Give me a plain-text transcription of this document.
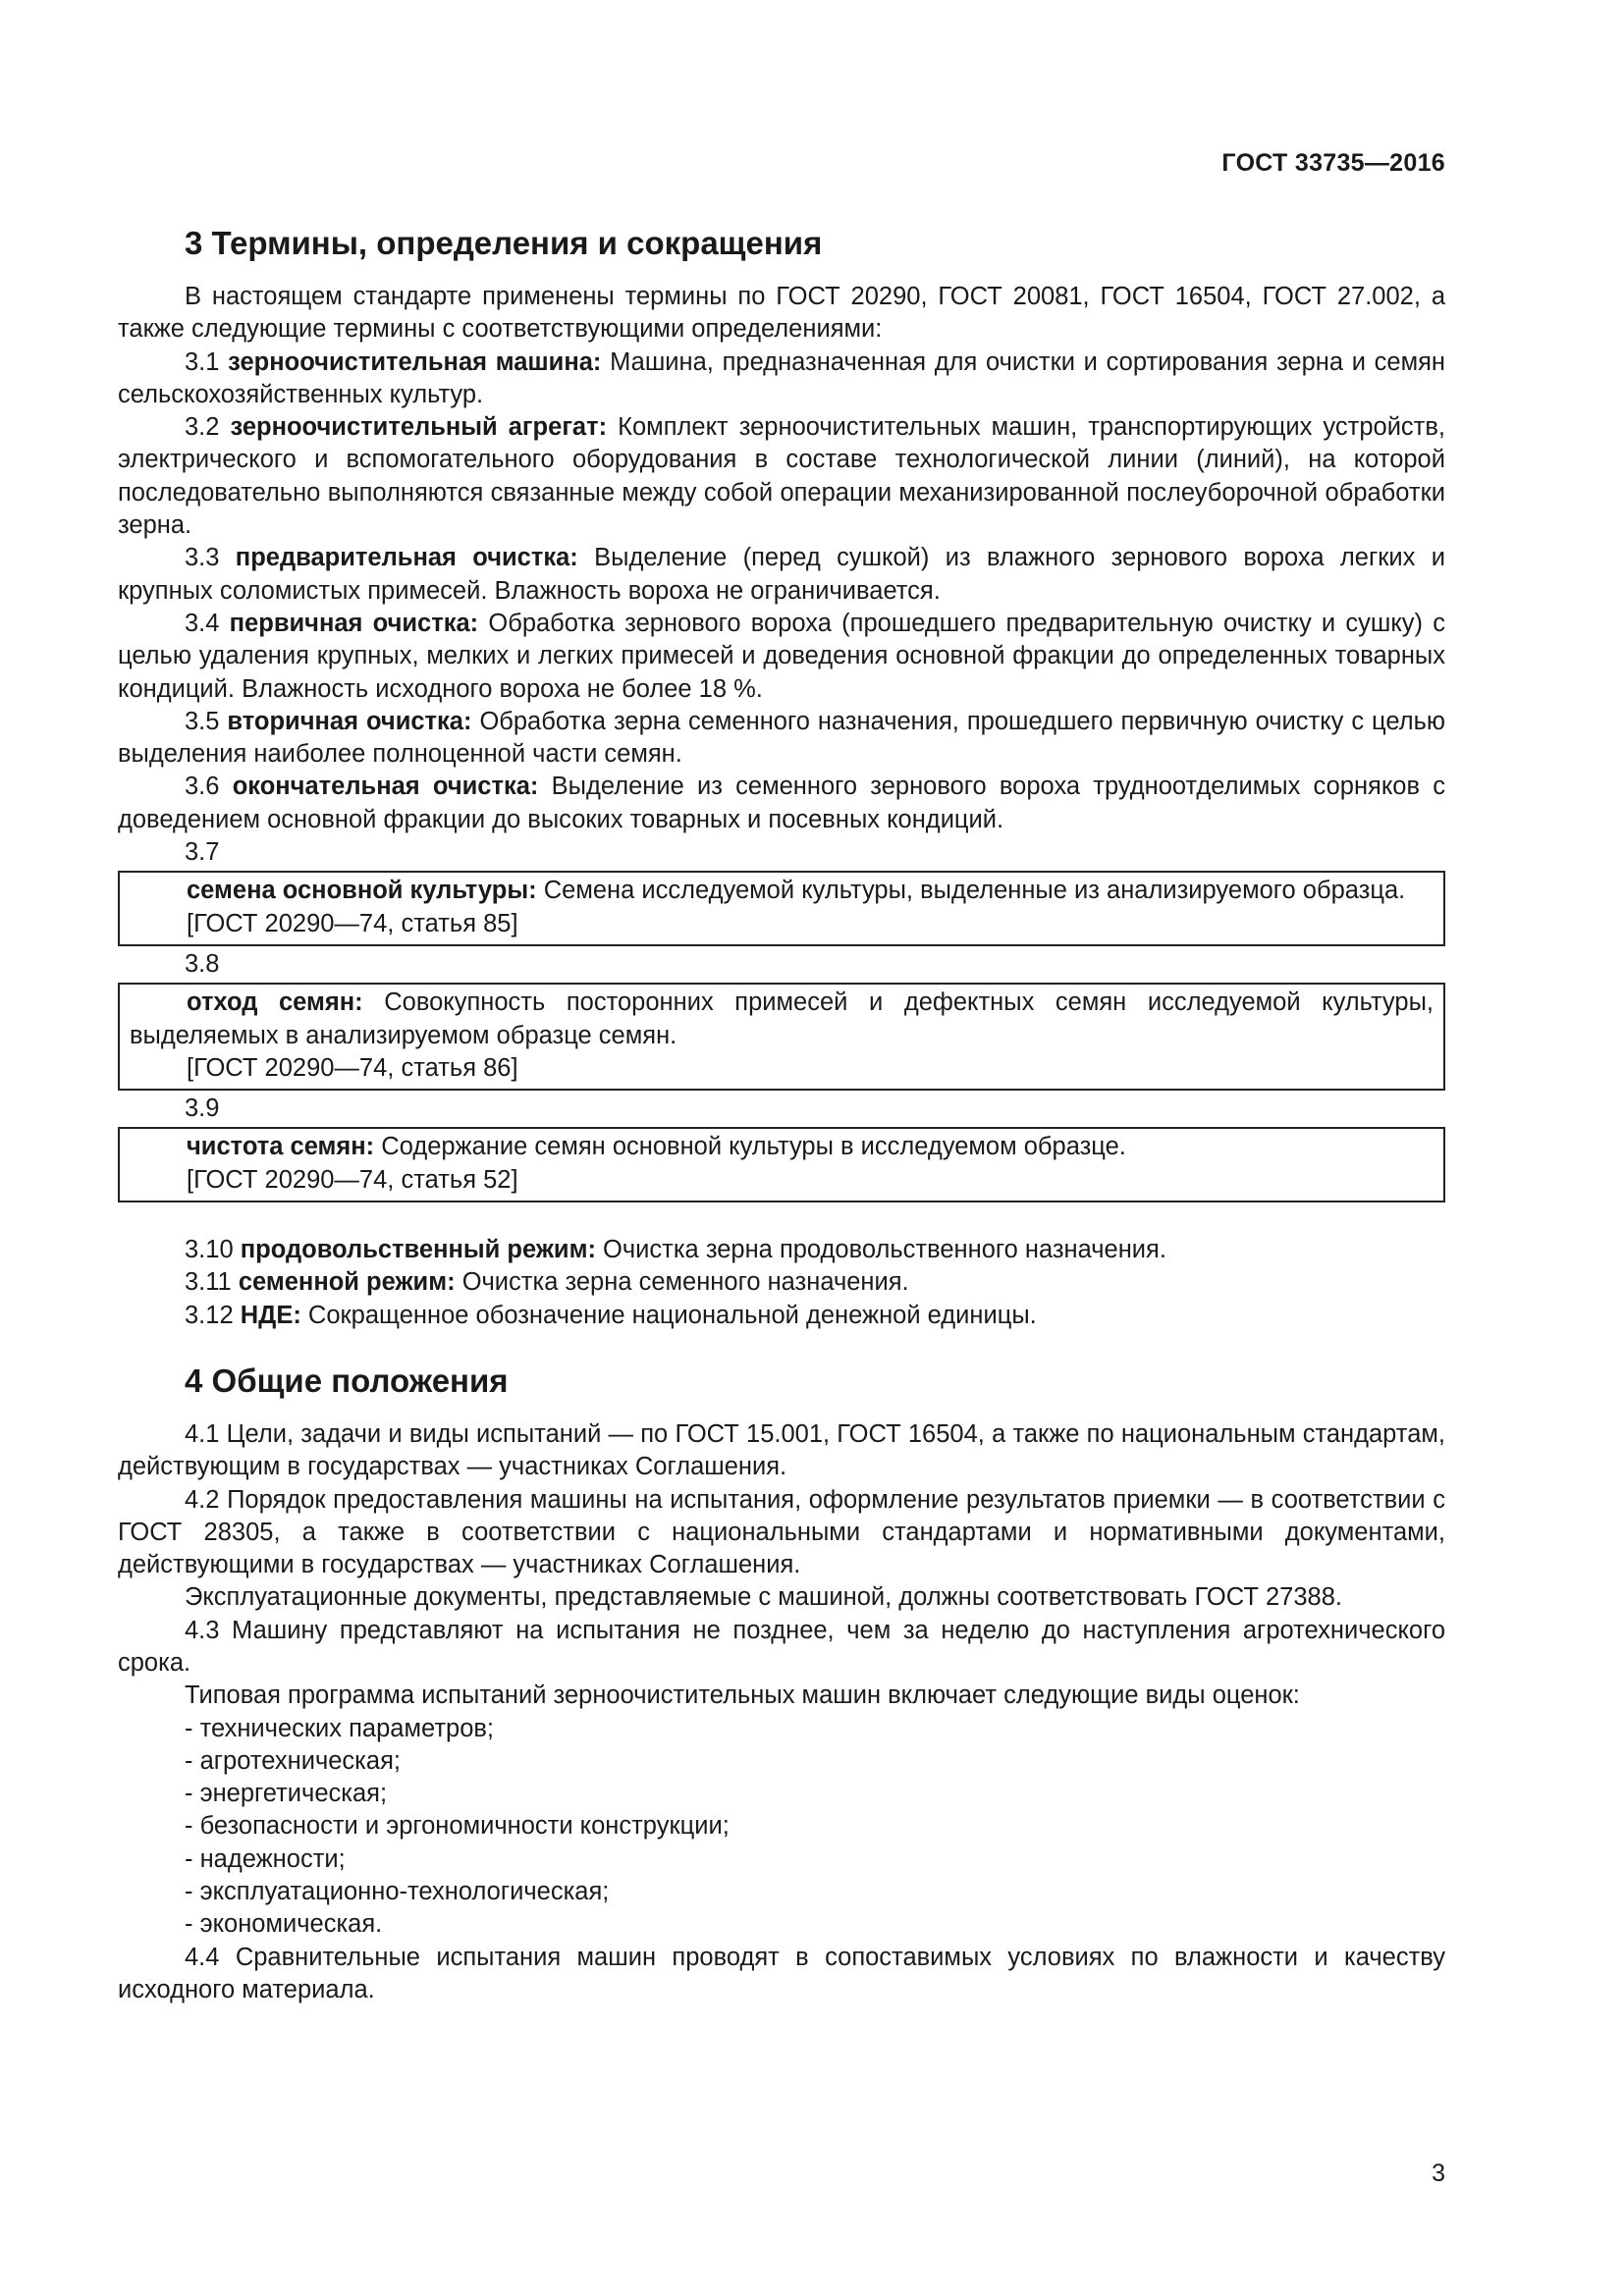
ГОСТ 33735—2016
3 Термины, определения и сокращения

В настоящем стандарте применены термины по ГОСТ 20290, ГОСТ 20081, ГОСТ 16504, ГОСТ 27.002, а также следующие термины с соответствующими определениями:

3.1 зерноочистительная машина: Машина, предназначенная для очистки и сортирования зерна и семян сельскохозяйственных культур.

3.2 зерноочистительный агрегат: Комплект зерноочистительных машин, транспортирующих устройств, электрического и вспомогательного оборудования в составе технологической линии (линий), на которой последовательно выполняются связанные между собой операции механизированной послеуборочной обработки зерна.

3.3 предварительная очистка: Выделение (перед сушкой) из влажного зернового вороха легких и крупных соломистых примесей. Влажность вороха не ограничивается.

3.4 первичная очистка: Обработка зернового вороха (прошедшего предварительную очистку и сушку) с целью удаления крупных, мелких и легких примесей и доведения основной фракции до определенных товарных кондиций. Влажность исходного вороха не более 18 %.

3.5 вторичная очистка: Обработка зерна семенного назначения, прошедшего первичную очистку с целью выделения наиболее полноценной части семян.

3.6 окончательная очистка: Выделение из семенного зернового вороха трудноотделимых сорняков с доведением основной фракции до высоких товарных и посевных кондиций.

3.7

семена основной культуры: Семена исследуемой культуры, выделенные из анализируемого образца.

[ГОСТ 20290—74, статья 85]

3.8

отход семян: Совокупность посторонних примесей и дефектных семян исследуемой культуры, выделяемых в анализируемом образце семян.

[ГОСТ 20290—74, статья 86]

3.9

чистота семян: Содержание семян основной культуры в исследуемом образце.

[ГОСТ 20290—74, статья 52]

3.10 продовольственный режим: Очистка зерна продовольственного назначения.

3.11 семенной режим: Очистка зерна семенного назначения.

3.12 НДЕ: Сокращенное обозначение национальной денежной единицы.

4 Общие положения

4.1 Цели, задачи и виды испытаний — по ГОСТ 15.001, ГОСТ 16504, а также по национальным стандартам, действующим в государствах — участниках Соглашения.

4.2 Порядок предоставления машины на испытания, оформление результатов приемки — в соответствии с ГОСТ 28305, а также в соответствии с национальными стандартами и нормативными документами, действующими в государствах — участниках Соглашения.

Эксплуатационные документы, представляемые с машиной, должны соответствовать ГОСТ 27388.

4.3 Машину представляют на испытания не позднее, чем за неделю до наступления агротехнического срока.

Типовая программа испытаний зерноочистительных машин включает следующие виды оценок:

- технических параметров;
- агротехническая;
- энергетическая;
- безопасности и эргономичности конструкции;
- надежности;
- эксплуатационно-технологическая;
- экономическая.

4.4 Сравнительные испытания машин проводят в сопоставимых условиях по влажности и качеству исходного материала.

3
